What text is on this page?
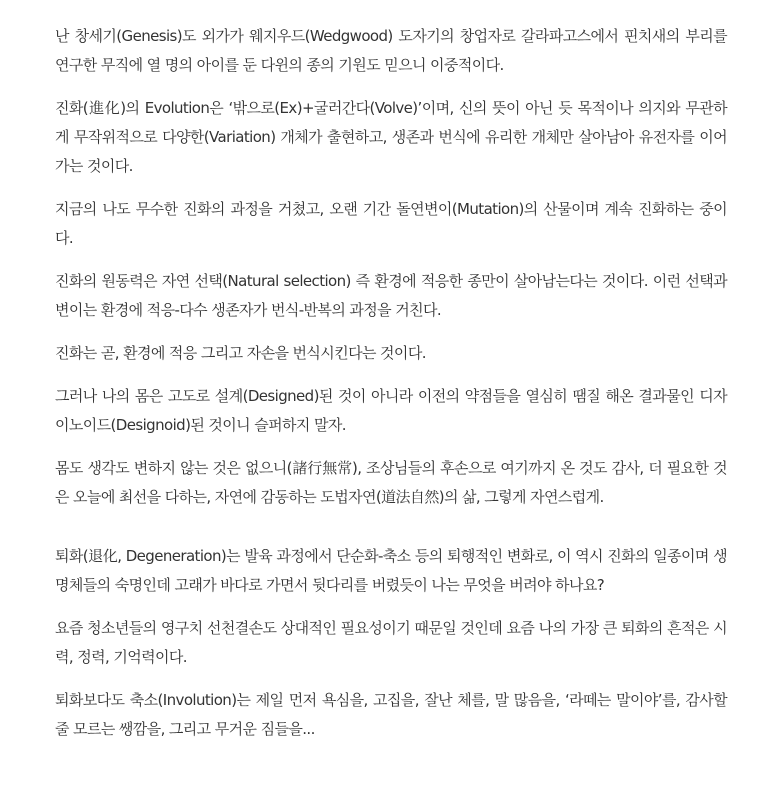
난 창세기(Genesis)도 외가가 웨지우드(Wedgwood) 도자기의 창업자로 갈라파고스에서 핀치새의 부리를 연구한 무직에 열 명의 아이를 둔 다윈의 종의 기원도 믿으니 이중적이다.

진화(進化)의 Evolution은 ‘밖으로(Ex)+굴러간다(Volve)’이며, 신의 뜻이 아닌 듯 목적이나 의지와 무관하게 무작위적으로 다양한(Variation) 개체가 출현하고, 생존과 번식에 유리한 개체만 살아남아 유전자를 이어가는 것이다.

지금의 나도 무수한 진화의 과정을 거쳤고, 오랜 기간 돌연변이(Mutation)의 산물이며 계속 진화하는 중이다.

진화의 원동력은 자연 선택(Natural selection) 즉 환경에 적응한 종만이 살아남는다는 것이다. 이런 선택과 변이는 환경에 적응-다수 생존자가 번식-반복의 과정을 거친다.

진화는 곧, 환경에 적응 그리고 자손을 번식시킨다는 것이다.

그러나 나의 몸은 고도로 설계(Designed)된 것이 아니라 이전의 약점들을 열심히 땜질 해온 결과물인 디자이노이드(Designoid)된 것이니 슬퍼하지 말자.

몸도 생각도 변하지 않는 것은 없으니(諸行無常), 조상님들의 후손으로 여기까지 온 것도 감사, 더 필요한 것은 오늘에 최선을 다하는, 자연에 감동하는 도법자연(道法自然)의 삶, 그렇게 자연스럽게.

퇴화(退化, Degeneration)는 발육 과정에서 단순화-축소 등의 퇴행적인 변화로, 이 역시 진화의 일종이며 생명체들의 숙명인데 고래가 바다로 가면서 뒷다리를 버렸듯이 나는 무엇을 버려야 하나요?

요즘 청소년들의 영구치 선천결손도 상대적인 필요성이기 때문일 것인데 요즘 나의 가장 큰 퇴화의 흔적은 시력, 정력, 기억력이다.

퇴화보다도 축소(Involution)는 제일 먼저 욕심을, 고집을, 잘난 체를, 말 많음을, ‘라떼는 말이야’를, 감사할 줄 모르는 쌩깜을, 그리고 무거운 짐들을...
